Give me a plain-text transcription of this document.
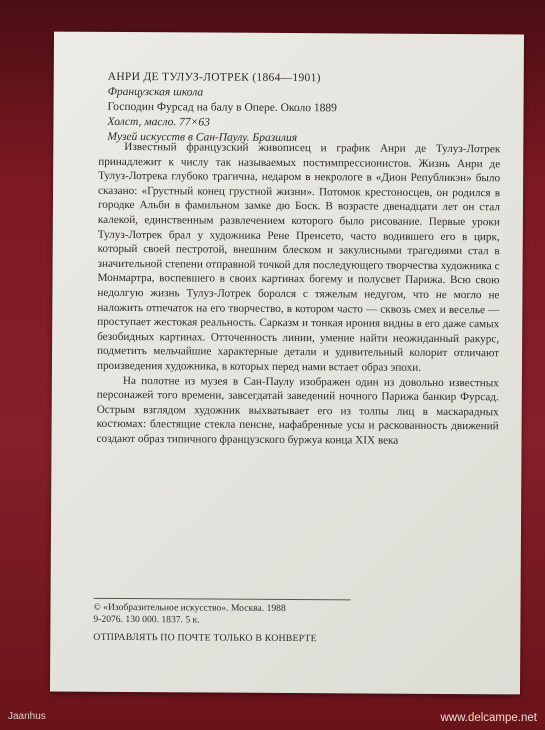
АНРИ ДЕ ТУЛУЗ-ЛОТРЕК (1864—1901)
Французская школа
Господин Фурсад на балу в Опере. Около 1889
Холст, масло. 77×63
Музей искусств в Сан-Паулу. Бразилия

Известный французский живописец и график Анри де Тулуз-Лотрек принадлежит к числу так называемых постимпрессионистов. Жизнь Анри де Тулуз-Лотрека глубоко трагична, недаром в некрологе в «Дион Републикэн» было сказано: «Грустный конец грустной жизни». Потомок крестоносцев, он родился в городке Альби в фамильном замке дю Боск. В возрасте двенадцати лет он стал калекой, единственным развлечением которого было рисование. Первые уроки Тулуз-Лотрек брал у художника Рене Пренсето, часто водившего его в цирк, который своей пестротой, внешним блеском и закулисными трагедиями стал в значительной степени отправной точкой для последующего творчества художника с Монмартра, воспевшего в своих картинах богему и полусвет Парижа. Всю свою недолгую жизнь Тулуз-Лотрек боролся с тяжелым недугом, что не могло не наложить отпечаток на его творчество, в котором часто — сквозь смех и веселье — проступает жестокая реальность. Сарказм и тонкая ирония видны в его даже самых безобидных картинах. Отточенность линии, умение найти неожиданный ракурс, подметить мельчайшие характерные детали и удивительный колорит отличают произведения художника, в которых перед нами встает образ эпохи.

На полотне из музея в Сан-Паулу изображен один из довольно известных персонажей того времени, завсегдатай заведений ночного Парижа банкир Фурсад. Острым взглядом художник выхватывает его из толпы лиц в маскарадных костюмах: блестящие стекла пенсне, нафабренные усы и раскованность движений создают образ типичного французского буржуа конца XIX века

© «Изобразительное искусство». Москва. 1988
9-2076. 130 000. 1837. 5 к.
ОТПРАВЛЯТЬ ПО ПОЧТЕ ТОЛЬКО В КОНВЕРТЕ
Jaanhus	www.delcampe.net
